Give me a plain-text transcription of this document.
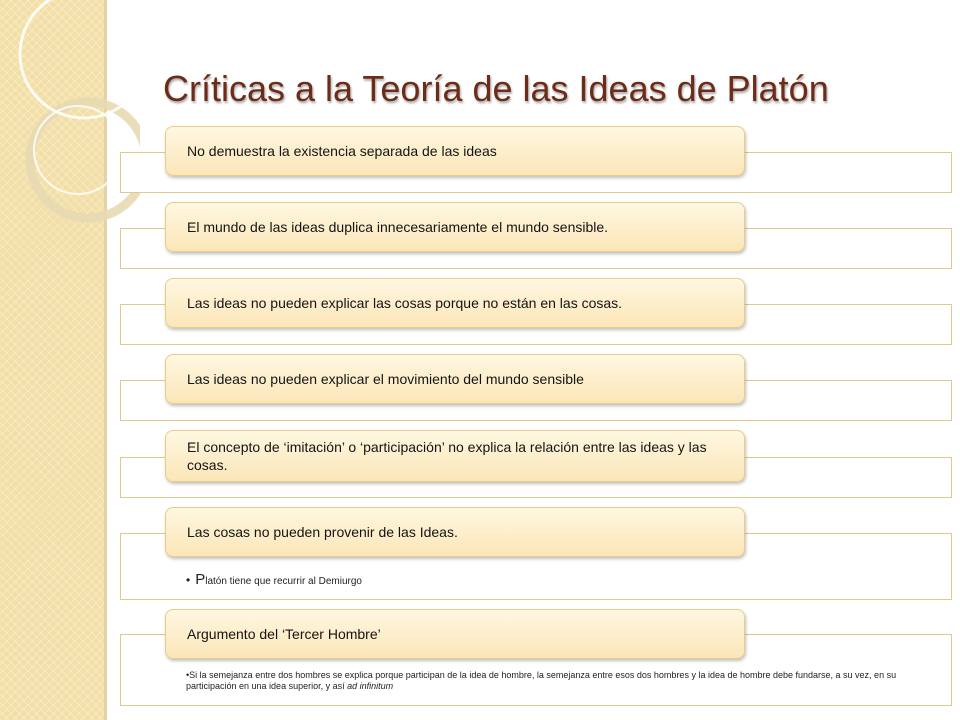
Críticas a la Teoría de las Ideas de Platón
No demuestra la existencia separada de las ideas
El mundo de las ideas duplica innecesariamente el mundo sensible.
Las ideas no pueden explicar las cosas porque no están en las cosas.
Las ideas no pueden explicar el movimiento del mundo sensible
El concepto de ‘imitación’ o ‘participación’ no explica la relación entre las ideas y las cosas.
Las cosas no pueden provenir de las Ideas.
• Platón tiene que recurrir al Demiurgo
Argumento del ‘Tercer Hombre’
•Si la semejanza entre dos hombres se explica porque participan de la idea de hombre, la semejanza entre esos dos hombres y la idea de hombre debe fundarse, a su vez, en su participación en una idea superior, y así ad infinitum
